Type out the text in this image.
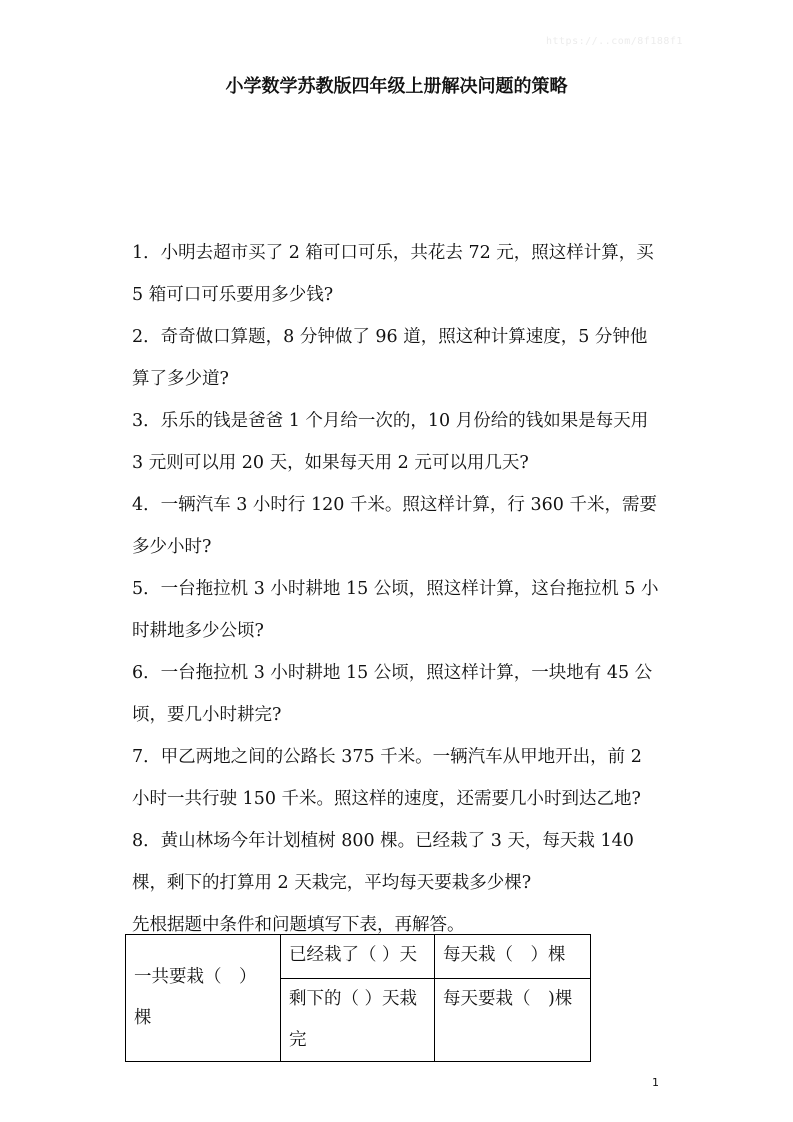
https://..com/8f188f1
小学数学苏教版四年级上册解决问题的策略

1．小明去超市买了 2 箱可口可乐，共花去 72 元，照这样计算，买 5 箱可口可乐要用多少钱?

2．奇奇做口算题，8 分钟做了 96 道，照这种计算速度，5 分钟他算了多少道?

3．乐乐的钱是爸爸 1 个月给一次的，10 月份给的钱如果是每天用 3 元则可以用 20 天，如果每天用 2 元可以用几天?

4．一辆汽车 3 小时行 120 千米。照这样计算，行 360 千米，需要多少小时?

5．一台拖拉机 3 小时耕地 15 公顷，照这样计算，这台拖拉机 5 小时耕地多少公顷?

6．一台拖拉机 3 小时耕地 15 公顷，照这样计算，一块地有 45 公顷，要几小时耕完?

7．甲乙两地之间的公路长 375 千米。一辆汽车从甲地开出，前 2 小时一共行驶 150 千米。照这样的速度，还需要几小时到达乙地?

8．黄山林场今年计划植树 800 棵。已经栽了 3 天，每天栽 140 棵，剩下的打算用 2 天栽完，平均每天要栽多少棵?

先根据题中条件和问题填写下表，再解答。

一共要栽（　）棵	已经栽了（ ）天	每天栽（　）棵
	剩下的（ ）天栽完	每天要栽（　)棵
1
